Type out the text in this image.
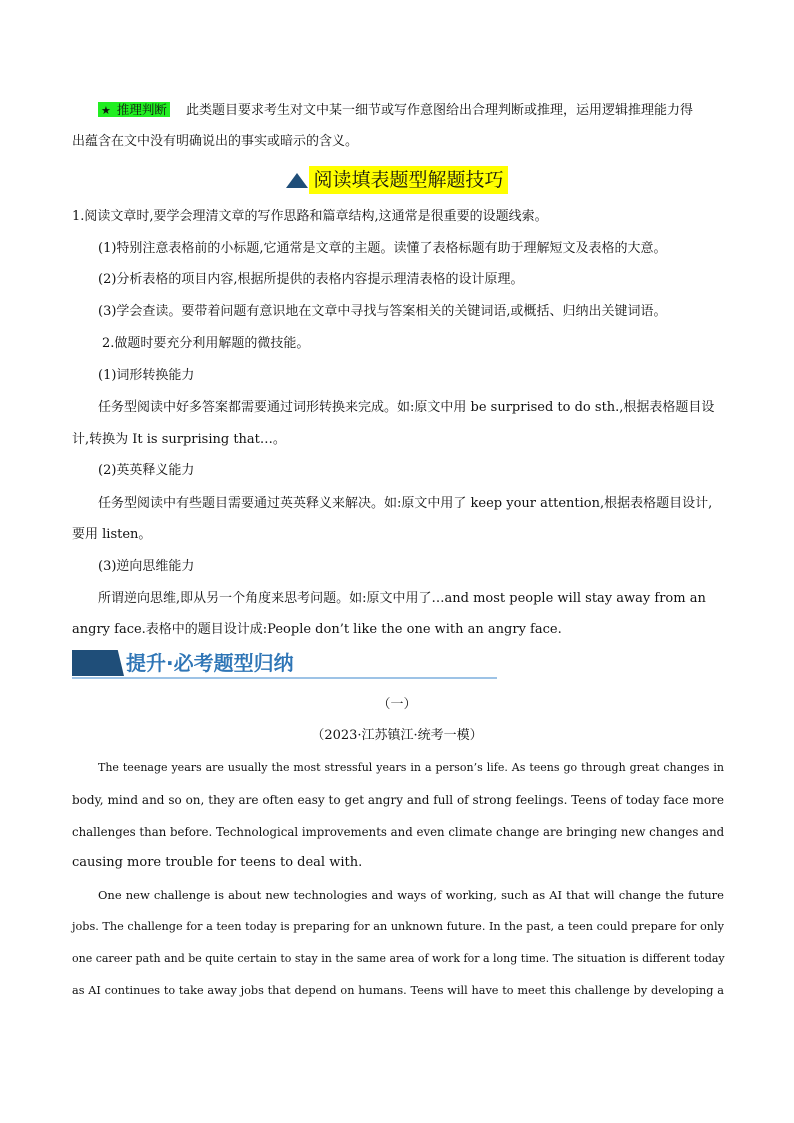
★ 推理判断 此类题目要求考生对文中某一细节或写作意图给出合理判断或推理，运用逻辑推理能力得
出蕴含在文中没有明确说出的事实或暗示的含义。
阅读填表题型解题技巧
1.阅读文章时,要学会理清文章的写作思路和篇章结构,这通常是很重要的设题线索。
(1)特别注意表格前的小标题,它通常是文章的主题。读懂了表格标题有助于理解短文及表格的大意。
(2)分析表格的项目内容,根据所提供的表格内容提示理清表格的设计原理。
(3)学会查读。要带着问题有意识地在文章中寻找与答案相关的关键词语,或概括、归纳出关键词语。
2.做题时要充分利用解题的微技能。
(1)词形转换能力
任务型阅读中好多答案都需要通过词形转换来完成。如:原文中用 be surprised to do sth.,根据表格题目设
计,转换为 It is surprising that…。
(2)英英释义能力
任务型阅读中有些题目需要通过英英释义来解决。如:原文中用了 keep your attention,根据表格题目设计,
要用 listen。
(3)逆向思维能力
所谓逆向思维,即从另一个角度来思考问题。如:原文中用了…and most people will stay away from an
angry face.表格中的题目设计成:People don’t like the one with an angry face.
提升·必考题型归纳
（一）
（2023·江苏镇江·统考一模）
The teenage years are usually the most stressful years in a person’s life. As teens go through great changes in
body, mind and so on, they are often easy to get angry and full of strong feelings. Teens of today face more
challenges than before. Technological improvements and even climate change are bringing new changes and
causing more trouble for teens to deal with.
One new challenge is about new technologies and ways of working, such as AI that will change the future
jobs. The challenge for a teen today is preparing for an unknown future. In the past, a teen could prepare for only
one career path and be quite certain to stay in the same area of work for a long time. The situation is different today
as AI continues to take away jobs that depend on humans. Teens will have to meet this challenge by developing a
